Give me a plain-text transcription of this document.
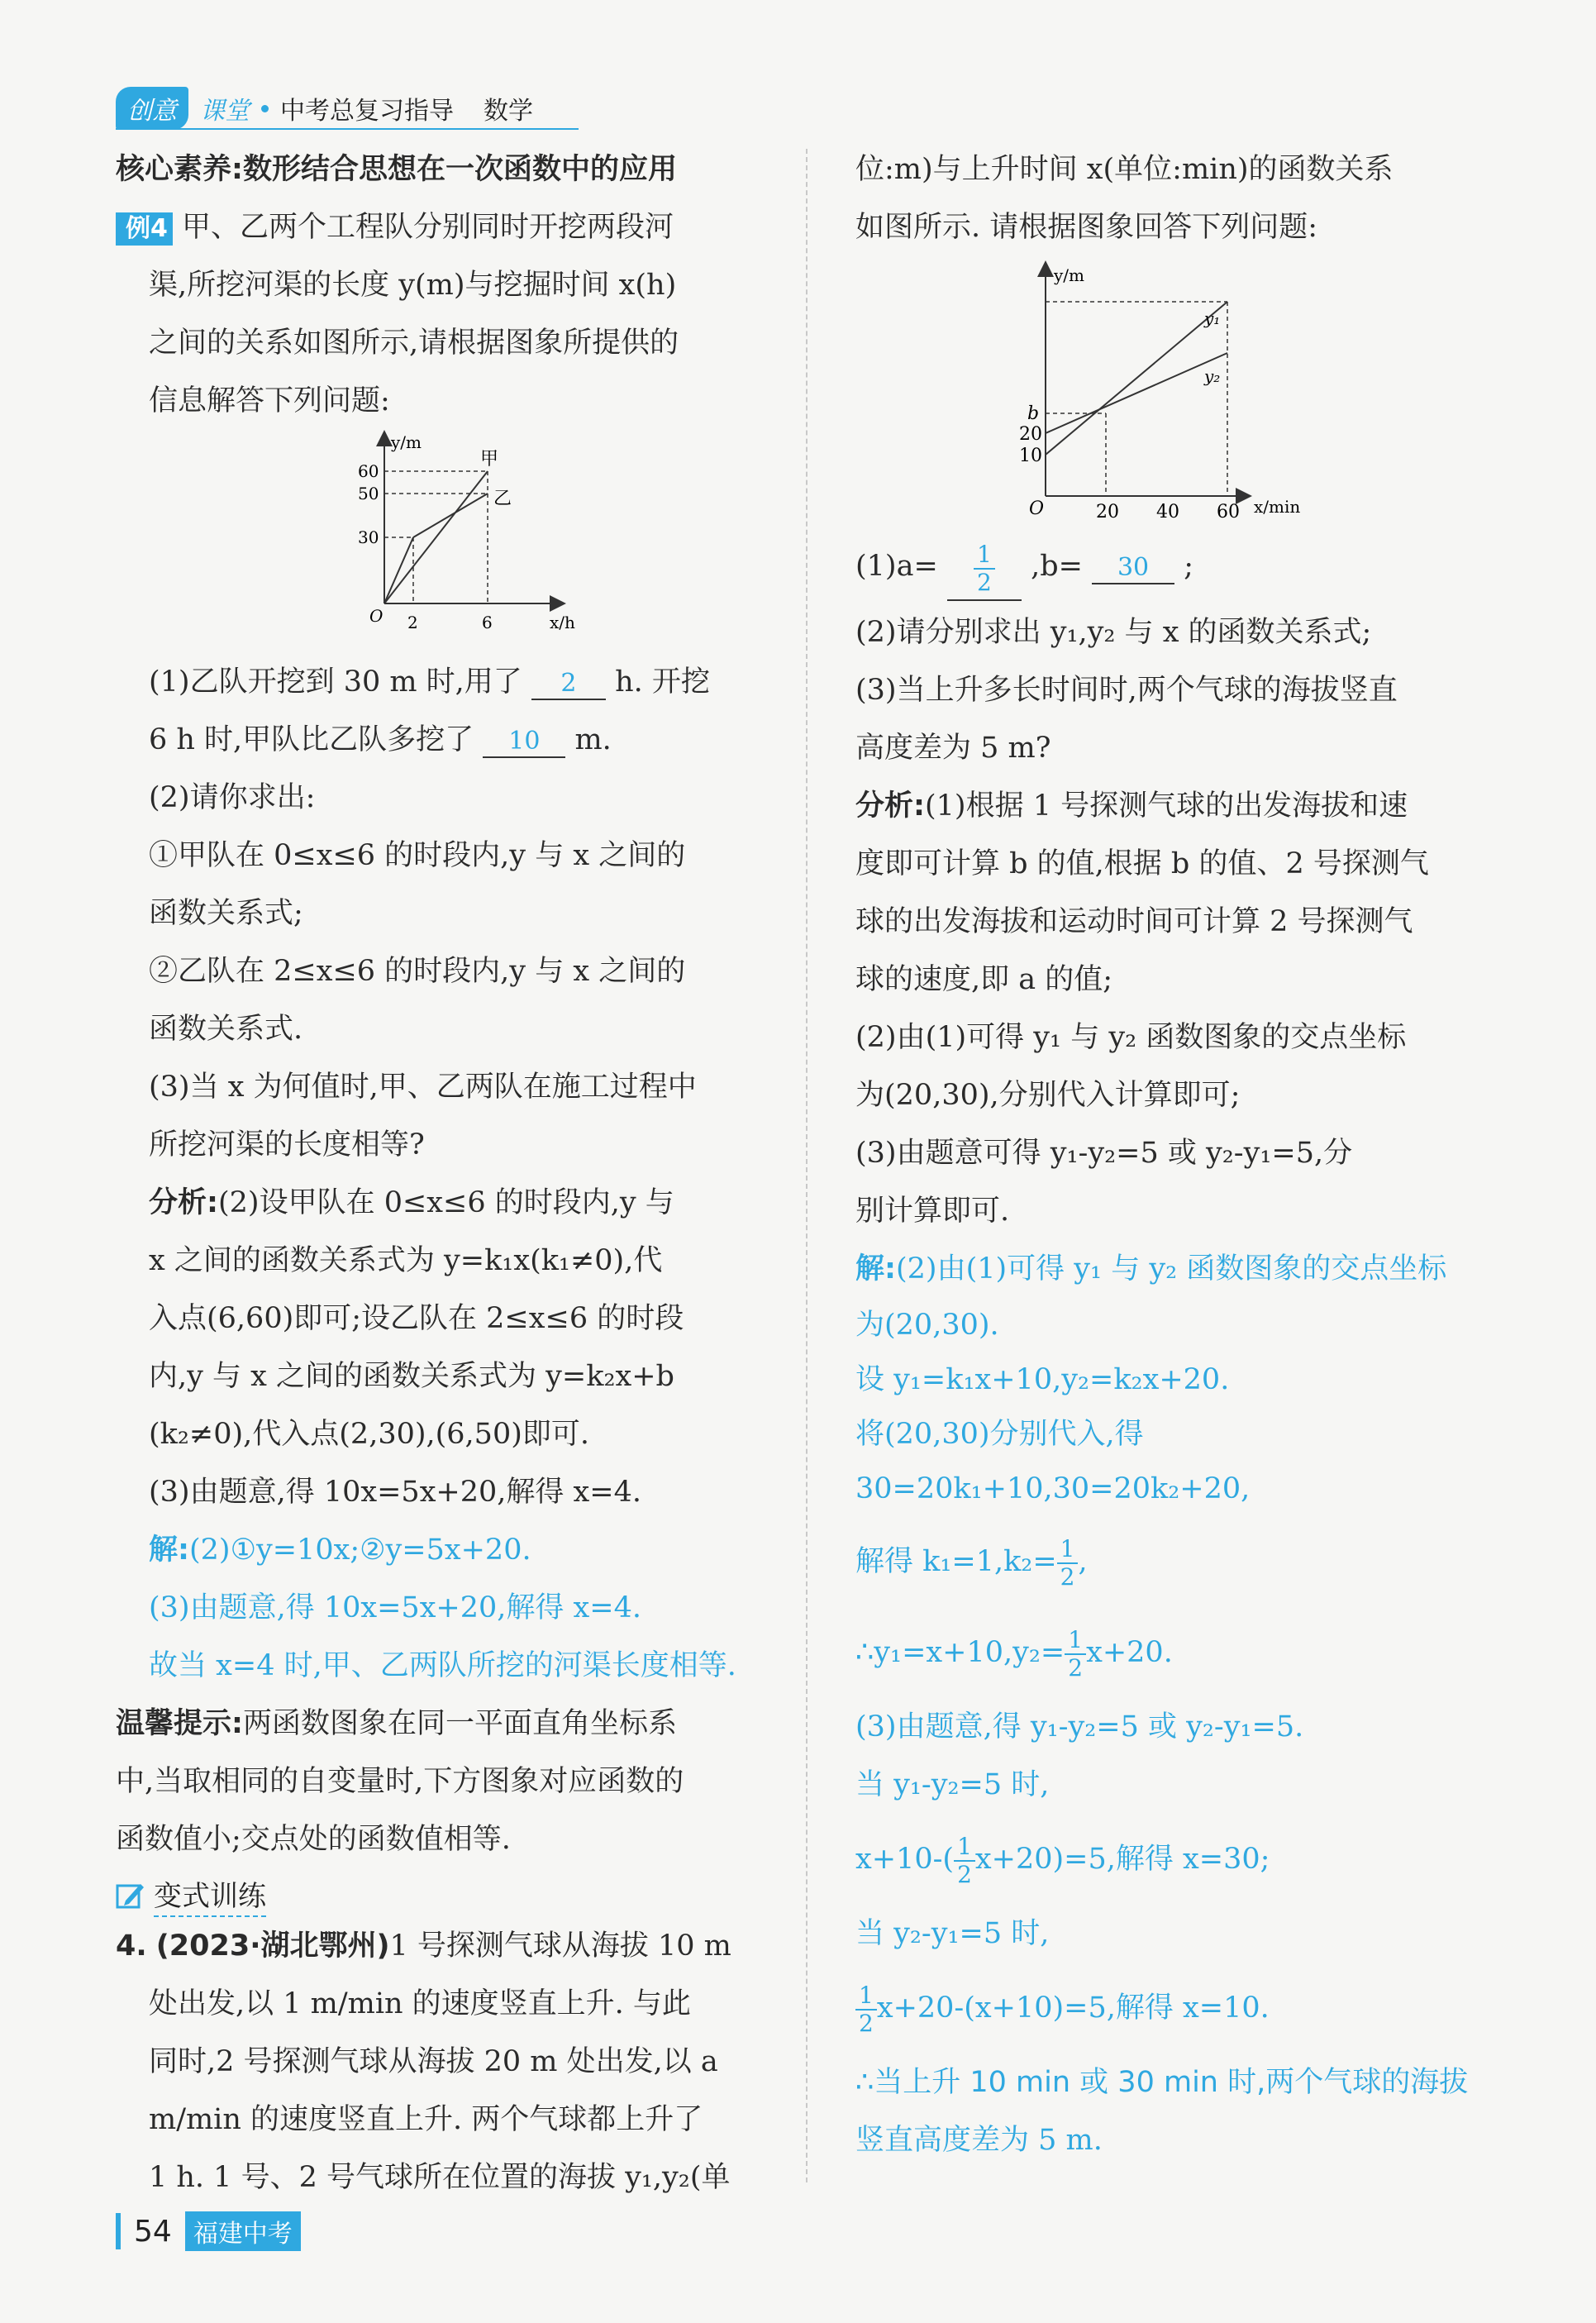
创意 课堂 中考总复习指导 数学

核心素养:数形结合思想在一次函数中的应用

例4 甲、乙两个工程队分别同时开挖两段河

渠,所挖河渠的长度 y(m)与挖掘时间 x(h)

之间的关系如图所示,请根据图象所提供的

信息解答下列问题:

y/m
x/h
O
60
50
30
2	6
甲
乙

(1)乙队开挖到 30 m 时,用了 2 h. 开挖

6 h 时,甲队比乙队多挖了 10 m.

(2)请你求出:

①甲队在 0≤x≤6 的时段内,y 与 x 之间的

函数关系式;

②乙队在 2≤x≤6 的时段内,y 与 x 之间的

函数关系式.

(3)当 x 为何值时,甲、乙两队在施工过程中

所挖河渠的长度相等?

分析:(2)设甲队在 0≤x≤6 的时段内,y 与

x 之间的函数关系式为 y=k₁x(k₁≠0),代

入点(6,60)即可;设乙队在 2≤x≤6 的时段

内,y 与 x 之间的函数关系式为 y=k₂x+b

(k₂≠0),代入点(2,30),(6,50)即可.

(3)由题意,得 10x=5x+20,解得 x=4.

解:(2)①y=10x;②y=5x+20.

(3)由题意,得 10x=5x+20,解得 x=4.

故当 x=4 时,甲、乙两队所挖的河渠长度相等.

温馨提示:两函数图象在同一平面直角坐标系

中,当取相同的自变量时,下方图象对应函数的

函数值小;交点处的函数值相等.

变式训练

4. (2023·湖北鄂州)1 号探测气球从海拔 10 m

处出发,以 1 m/min 的速度竖直上升. 与此

同时,2 号探测气球从海拔 20 m 处出发,以 a

m/min 的速度竖直上升. 两个气球都上升了

1 h. 1 号、2 号气球所在位置的海拔 y₁,y₂(单

位:m)与上升时间 x(单位:min)的函数关系

如图所示. 请根据图象回答下列问题:

y/m
x/min
O
b
20
10
20 40 60
y₁
y₂

$(1)a= \frac{1}{2} ,b= 30$ ;

(2)请分别求出 y₁,y₂ 与 x 的函数关系式;

(3)当上升多长时间时,两个气球的海拔竖直

高度差为 5 m?

分析:(1)根据 1 号探测气球的出发海拔和速

度即可计算 b 的值,根据 b 的值、2 号探测气

球的出发海拔和运动时间可计算 2 号探测气

球的速度,即 a 的值;

(2)由(1)可得 y₁ 与 y₂ 函数图象的交点坐标

为(20,30),分别代入计算即可;

(3)由题意可得 y₁-y₂=5 或 y₂-y₁=5,分

别计算即可.

解:(2)由(1)可得 y₁ 与 y₂ 函数图象的交点坐标

为(20,30).

设 y₁=k₁x+10,y₂=k₂x+20.

将(20,30)分别代入,得

30=20k₁+10,30=20k₂+20,

解得 $k_1=1,k_2= \frac{1}{2}$ ,

∴y₁=x+10,y₂= $\frac{1}{2} x+20$.

(3)由题意,得 y₁-y₂=5 或 y₂-y₁=5.

当 y₁-y₂=5 时,

$x+10-( \frac{1}{2} x+20)=5$,解得 x=30;

当 y₂-y₁=5 时,

$\frac{1}{2} x+20-(x+10)=5$,解得 x=10.

∴当上升 10 min 或 30 min 时,两个气球的海拔

竖直高度差为 5 m.

54 福建中考
